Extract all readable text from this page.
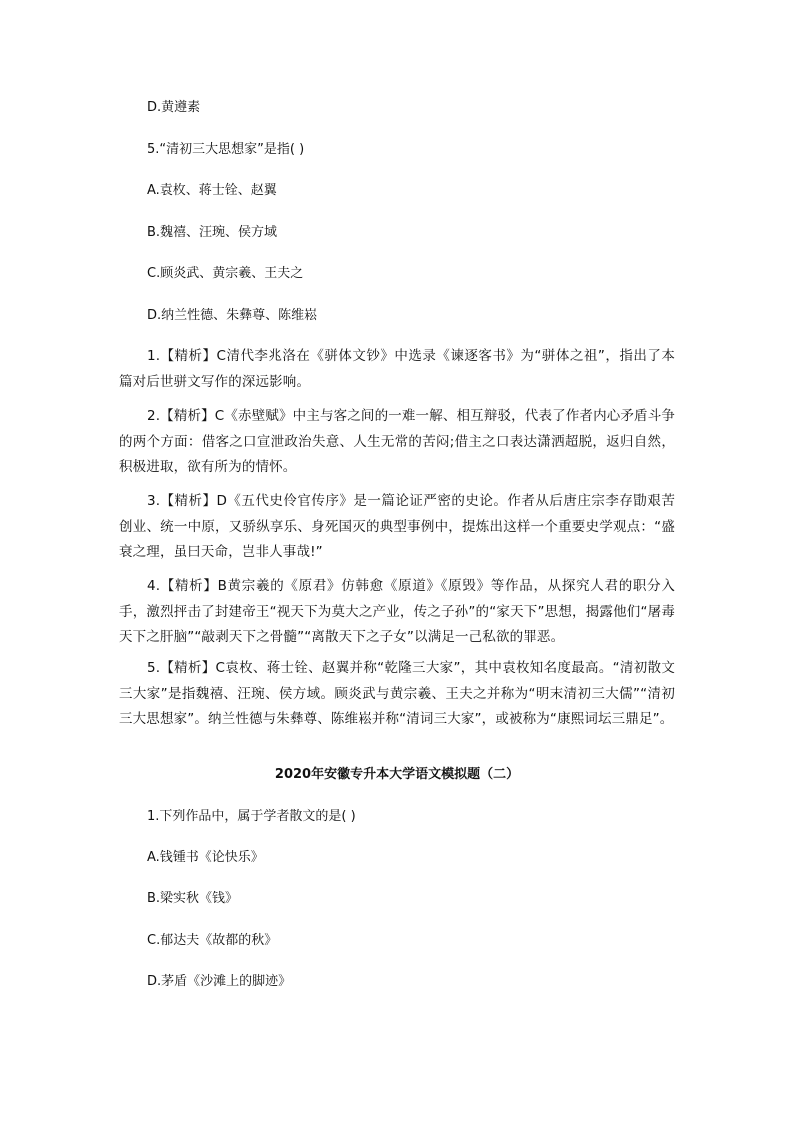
D.黄遵素
5.“清初三大思想家”是指( )
A.袁枚、蒋士铨、赵翼
B.魏禧、汪琬、侯方域
C.顾炎武、黄宗羲、王夫之
D.纳兰性德、朱彝尊、陈维崧
1.【精析】C清代李兆洛在《骈体文钞》中选录《谏逐客书》为“骈体之祖”，指出了本篇对后世骈文写作的深远影响。
2.【精析】C《赤壁赋》中主与客之间的一难一解、相互辩驳，代表了作者内心矛盾斗争的两个方面：借客之口宣泄政治失意、人生无常的苦闷;借主之口表达潇洒超脱，返归自然，积极进取，欲有所为的情怀。
3.【精析】D《五代史伶官传序》是一篇论证严密的史论。作者从后唐庄宗李存勖艰苦创业、统一中原，又骄纵享乐、身死国灭的典型事例中，提炼出这样一个重要史学观点：“盛衰之理，虽曰天命，岂非人事哉!”
4.【精析】B黄宗羲的《原君》仿韩愈《原道》《原毁》等作品，从探究人君的职分入手，激烈抨击了封建帝王“视天下为莫大之产业，传之子孙”的“家天下”思想，揭露他们“屠毒天下之肝脑”“敲剥天下之骨髓”“离散天下之子女”以满足一己私欲的罪恶。
5.【精析】C袁枚、蒋士铨、赵翼并称“乾隆三大家”，其中袁枚知名度最高。“清初散文三大家”是指魏禧、汪琬、侯方域。顾炎武与黄宗羲、王夫之并称为“明末清初三大儒”“清初三大思想家”。纳兰性德与朱彝尊、陈维崧并称“清词三大家”，或被称为“康熙词坛三鼎足”。
2020年安徽专升本大学语文模拟题（二）
1.下列作品中，属于学者散文的是( )
A.钱锺书《论快乐》
B.梁实秋《钱》
C.郁达夫《故都的秋》
D.茅盾《沙滩上的脚迹》
